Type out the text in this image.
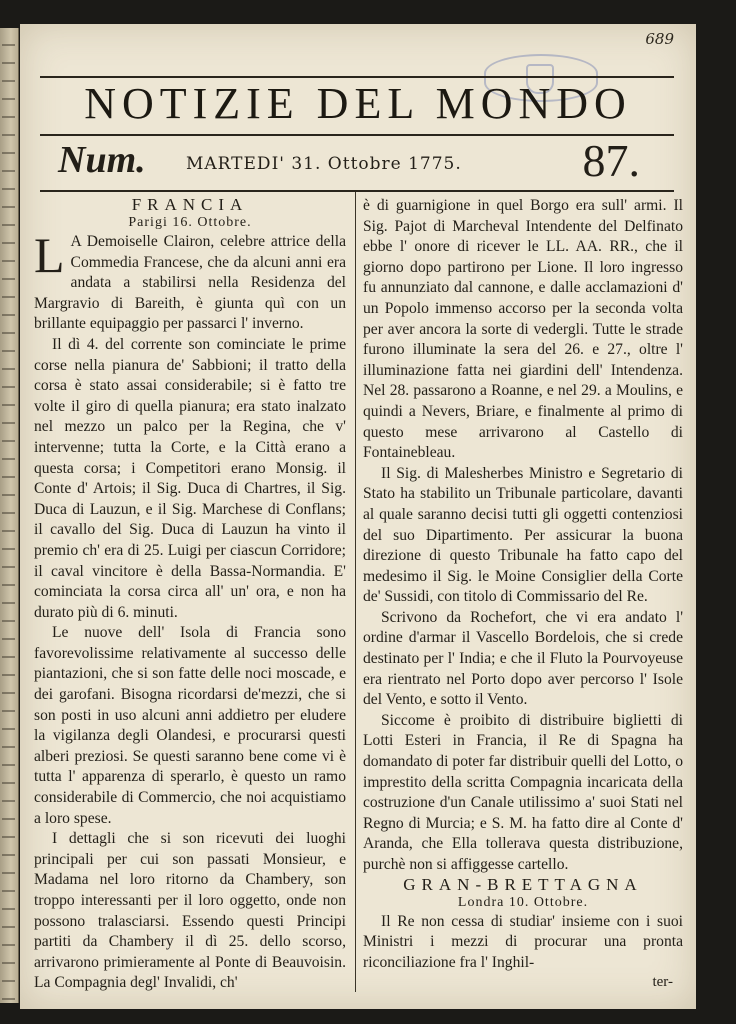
689
NOTIZIE DEL MONDO
Num. MARTEDI' 31. Ottobre 1775.	87.
FRANCIA
Parigi 16. Ottobre.

L A Demoiselle Clairon, celebre attrice della Commedia Francese, che da alcuni anni era andata a stabilirsi nella Residenza del Margravio di Bareith, è giunta quì con un brillante equipaggio per passarci l' inverno.

Il dì 4. del corrente son cominciate le prime corse nella pianura de' Sabbioni; il tratto della corsa è stato assai considerabile; si è fatto tre volte il giro di quella pianura; era stato inalzato nel mezzo un palco per la Regina, che v' intervenne; tutta la Corte, e la Città erano a questa corsa; i Competitori erano Monsig. il Conte d' Artois; il Sig. Duca di Chartres, il Sig. Duca di Lauzun, e il Sig. Marchese di Conflans; il cavallo del Sig. Duca di Lauzun ha vinto il premio ch' era di 25. Luigi per ciascun Corridore; il caval vincitore è della Bassa-Normandia. E' cominciata la corsa circa all' un' ora, e non ha durato più di 6. minuti.

Le nuove dell' Isola di Francia sono favorevolissime relativamente al successo delle piantazioni, che si son fatte delle noci moscade, e dei garofani. Bisogna ricordarsi de'mezzi, che si son posti in uso alcuni anni addietro per eludere la vigilanza degli Olandesi, e procurarsi questi alberi preziosi. Se questi saranno bene come vi è tutta l' apparenza di sperarlo, è questo un ramo considerabile di Commercio, che noi acquistiamo a loro spese.

I dettagli che si son ricevuti dei luoghi principali per cui son passati Monsieur, e Madama nel loro ritorno da Chambery, son troppo interessanti per il loro oggetto, onde non possono tralasciarsi. Essendo questi Principi partiti da Chambery il dì 25. dello scorso, arrivarono primieramente al Ponte di Beauvoisin. La Compagnia degl' Invalidi, ch'

è di guarnigione in quel Borgo era sull' armi. Il Sig. Pajot di Marcheval Intendente del Delfinato ebbe l' onore di ricever le LL. AA. RR., che il giorno dopo partirono per Lione. Il loro ingresso fu annunziato dal cannone, e dalle acclamazioni d' un Popolo immenso accorso per la seconda volta per aver ancora la sorte di vedergli. Tutte le strade furono illuminate la sera del 26. e 27., oltre l' illuminazione fatta nei giardini dell' Intendenza. Nel 28. passarono a Roanne, e nel 29. a Moulins, e quindi a Nevers, Briare, e finalmente al primo di questo mese arrivarono al Castello di Fontainebleau.

Il Sig. di Malesherbes Ministro e Segretario di Stato ha stabilito un Tribunale particolare, davanti al quale saranno decisi tutti gli oggetti contenziosi del suo Dipartimento. Per assicurar la buona direzione di questo Tribunale ha fatto capo del medesimo il Sig. le Moine Consiglier della Corte de' Sussidi, con titolo di Commissario del Re.

Scrivono da Rochefort, che vi era andato l' ordine d'armar il Vascello Bordelois, che si crede destinato per l' India; e che il Fluto la Pourvoyeuse era rientrato nel Porto dopo aver percorso l' Isole del Vento, e sotto il Vento.

Siccome è proibito di distribuire biglietti di Lotti Esteri in Francia, il Re di Spagna ha domandato di poter far distribuir quelli del Lotto, o imprestito della scritta Compagnia incaricata della costruzione d'un Canale utilissimo a' suoi Stati nel Regno di Murcia; e S. M. ha fatto dire al Conte d' Aranda, che Ella tollerava questa distribuzione, purchè non si affiggesse cartello.

GRAN-BRETTAGNA
Londra 10. Ottobre.

Il Re non cessa di studiar' insieme con i suoi Ministri i mezzi di procurar una pronta riconciliazione fra l' Inghil-

ter-
